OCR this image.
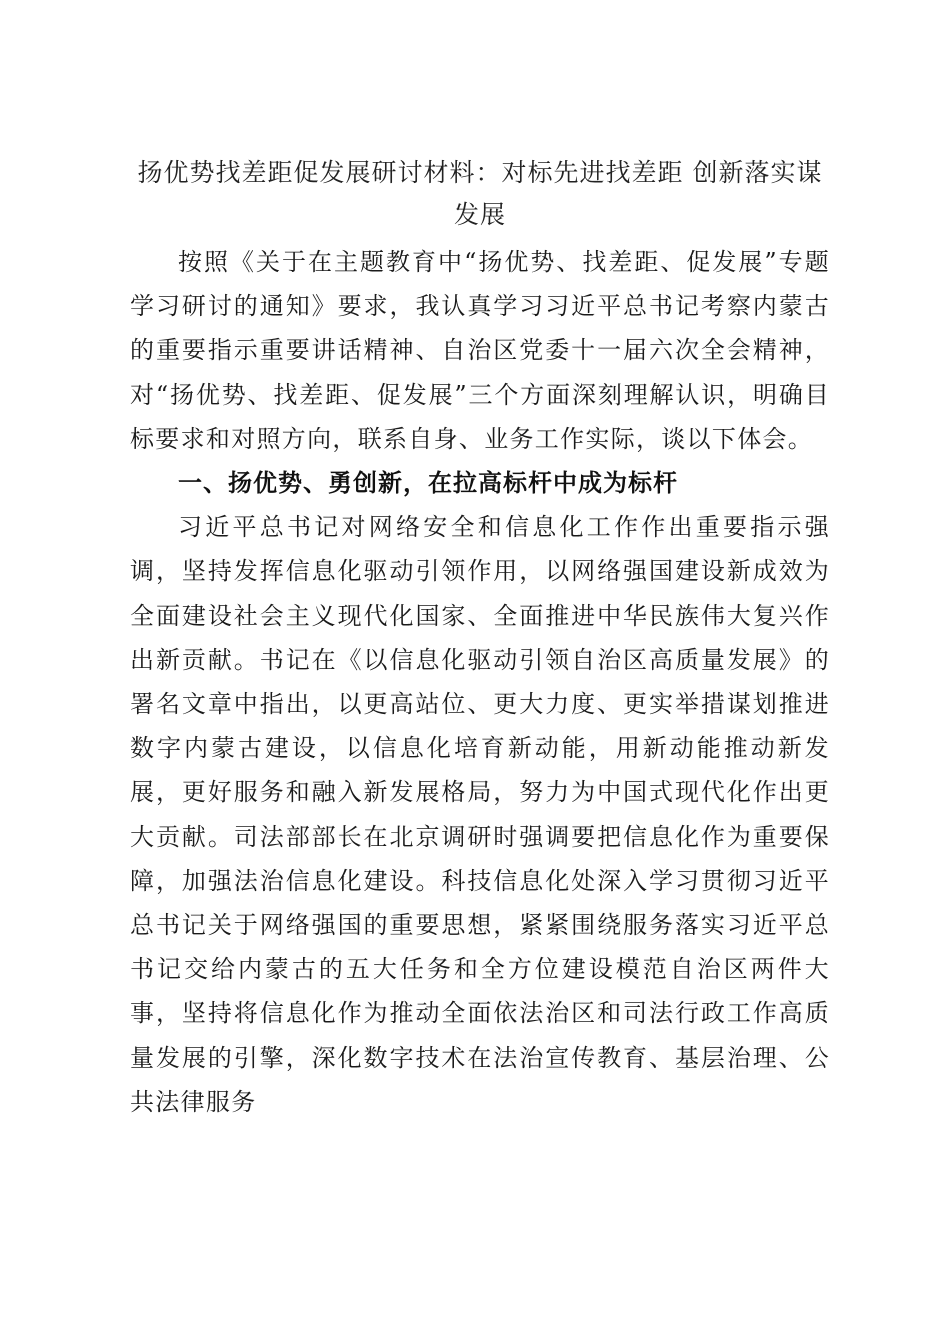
扬优势找差距促发展研讨材料：对标先进找差距 创新落实谋发展

按照《关于在主题教育中“扬优势、找差距、促发展”专题学习研讨的通知》要求，我认真学习习近平总书记考察内蒙古的重要指示重要讲话精神、自治区党委十一届六次全会精神，对“扬优势、找差距、促发展”三个方面深刻理解认识，明确目标要求和对照方向，联系自身、业务工作实际，谈以下体会。

一、扬优势、勇创新，在拉高标杆中成为标杆

习近平总书记对网络安全和信息化工作作出重要指示强调，坚持发挥信息化驱动引领作用，以网络强国建设新成效为全面建设社会主义现代化国家、全面推进中华民族伟大复兴作出新贡献。书记在《以信息化驱动引领自治区高质量发展》的署名文章中指出，以更高站位、更大力度、更实举措谋划推进数字内蒙古建设，以信息化培育新动能，用新动能推动新发展，更好服务和融入新发展格局，努力为中国式现代化作出更大贡献。司法部部长在北京调研时强调要把信息化作为重要保障，加强法治信息化建设。科技信息化处深入学习贯彻习近平总书记关于网络强国的重要思想，紧紧围绕服务落实习近平总书记交给内蒙古的五大任务和全方位建设模范自治区两件大事，坚持将信息化作为推动全面依法治区和司法行政工作高质量发展的引擎，深化数字技术在法治宣传教育、基层治理、公共法律服务
